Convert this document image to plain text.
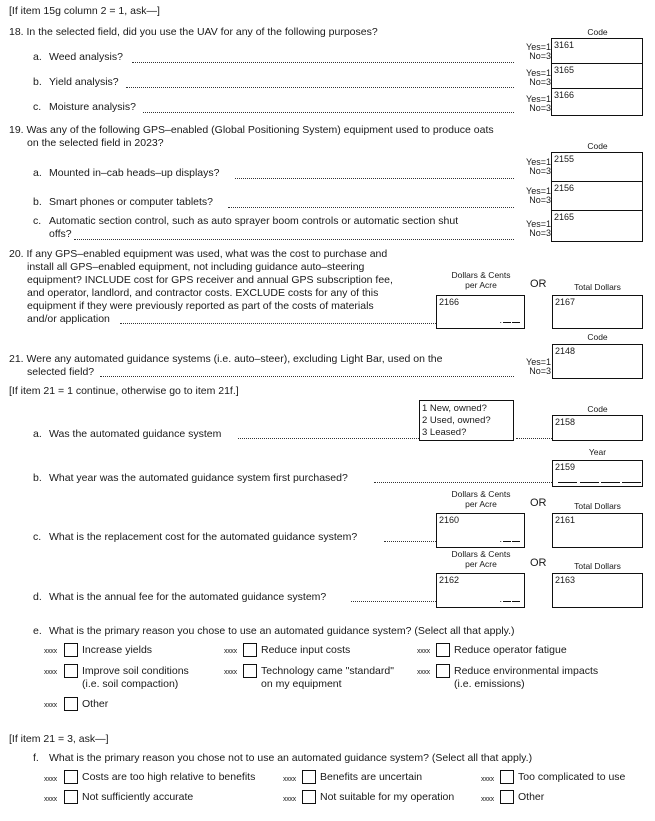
[If item 15g column 2 = 1, ask—]
18. In the selected field, did you use the UAV for any of the following purposes?	Code
a. Weed analysis?
Yes=1
No=3
3161
b. Yield analysis?
Yes=1
No=3
3165
c. Moisture analysis?
Yes=1
No=3
3166
19. Was any of the following GPS–enabled (Global Positioning System) equipment used to produce oats
on the selected field in 2023?	Code
a. Mounted in–cab heads–up displays?
Yes=1
No=3
2155
b. Smart phones or computer tablets?
Yes=1
No=3
2156
c. Automatic section control, such as auto sprayer boom controls or automatic section shut
offs?
Yes=1
No=3
2165
20. If any GPS–enabled equipment was used, what was the cost to purchase and
install all GPS–enabled equipment, not including guidance auto–steering
equipment? INCLUDE cost for GPS receiver and annual GPS subscription fee,
and operator, landlord, and contractor costs. EXCLUDE costs for any of this
equipment if they were previously reported as part of the costs of materials
and/or application
Dollars & Cents
per Acre	OR	Total Dollars
2166
.
2167
Code
21. Were any automated guidance systems (i.e. auto–steer), excluding Light Bar, used on the
selected field?
Yes=1
No=3
2148
[If item 21 = 1 continue, otherwise go to item 21f.]
a. Was the automated guidance system
1 New, owned?
2 Used, owned?
3 Leased?
Code
2158
Year
b. What year was the automated guidance system first purchased?
2159
Dollars & Cents
per Acre	OR	Total Dollars
c. What is the replacement cost for the automated guidance system?
2160
.
2161
Dollars & Cents
per Acre	OR	Total Dollars
d. What is the annual fee for the automated guidance system?
2162
.
2163
e. What is the primary reason you chose to use an automated guidance system? (Select all that apply.)
xxxx Increase yields	xxxx Reduce input costs	xxxx Reduce operator fatigue
xxxx Improve soil conditions
(i.e. soil compaction)
xxxx Technology came "standard"
on my equipment
xxxx Reduce environmental impacts
(i.e. emissions)
xxxx Other
[If item 21 = 3, ask—]
f. What is the primary reason you chose not to use an automated guidance system? (Select all that apply.)
xxxx Costs are too high relative to benefits	xxxx Benefits are uncertain	xxxx Too complicated to use
xxxx Not sufficiently accurate	xxxx Not suitable for my operation	xxxx Other
